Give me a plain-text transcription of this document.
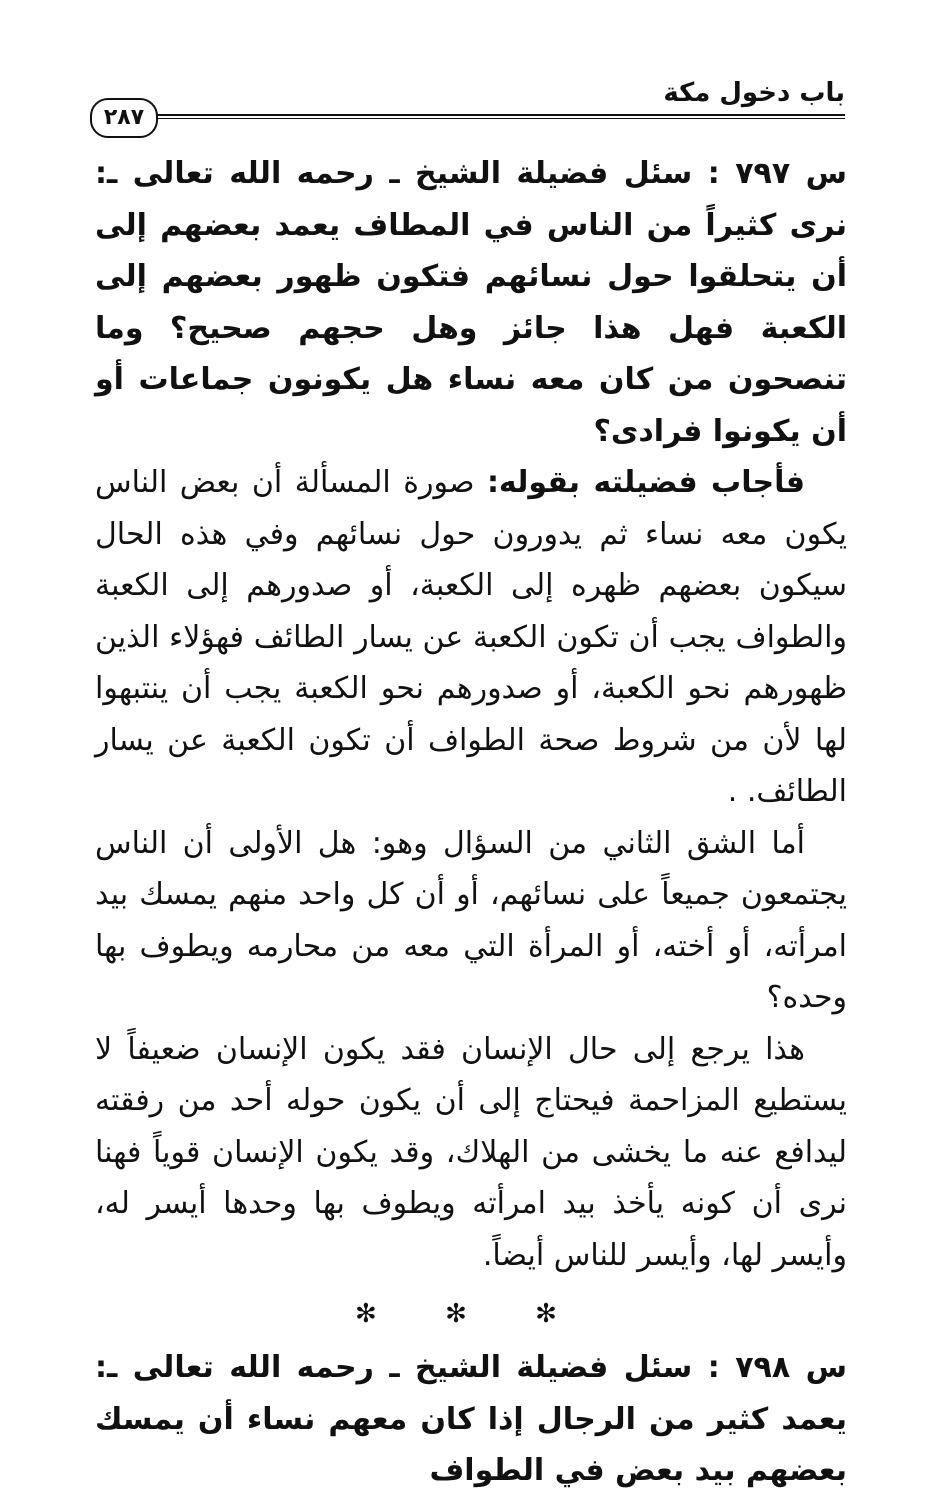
باب دخول مكة
٢٨٧

س ٧٩٧ : سئل فضيلة الشيخ ـ رحمه الله تعالى ـ: نرى كثيراً من الناس في المطاف يعمد بعضهم إلى أن يتحلقوا حول نسائهم فتكون ظهور بعضهم إلى الكعبة فهل هذا جائز وهل حجهم صحيح؟ وما تنصحون من كان معه نساء هل يكونون جماعات أو أن يكونوا فرادى؟

فأجاب فضيلته بقوله: صورة المسألة أن بعض الناس يكون معه نساء ثم يدورون حول نسائهم وفي هذه الحال سيكون بعضهم ظهره إلى الكعبة، أو صدورهم إلى الكعبة والطواف يجب أن تكون الكعبة عن يسار الطائف فهؤلاء الذين ظهورهم نحو الكعبة، أو صدورهم نحو الكعبة يجب أن ينتبهوا لها لأن من شروط صحة الطواف أن تكون الكعبة عن يسار الطائف. .

أما الشق الثاني من السؤال وهو: هل الأولى أن الناس يجتمعون جميعاً على نسائهم، أو أن كل واحد منهم يمسك بيد امرأته، أو أخته، أو المرأة التي معه من محارمه ويطوف بها وحده؟

هذا يرجع إلى حال الإنسان فقد يكون الإنسان ضعيفاً لا يستطيع المزاحمة فيحتاج إلى أن يكون حوله أحد من رفقته ليدافع عنه ما يخشى من الهلاك، وقد يكون الإنسان قوياً فهنا نرى أن كونه يأخذ بيد امرأته ويطوف بها وحدها أيسر له، وأيسر لها، وأيسر للناس أيضاً.

✻ ✻ ✻

س ٧٩٨ : سئل فضيلة الشيخ ـ رحمه الله تعالى ـ: يعمد كثير من الرجال إذا كان معهم نساء أن يمسك بعضهم بيد بعض في الطواف
